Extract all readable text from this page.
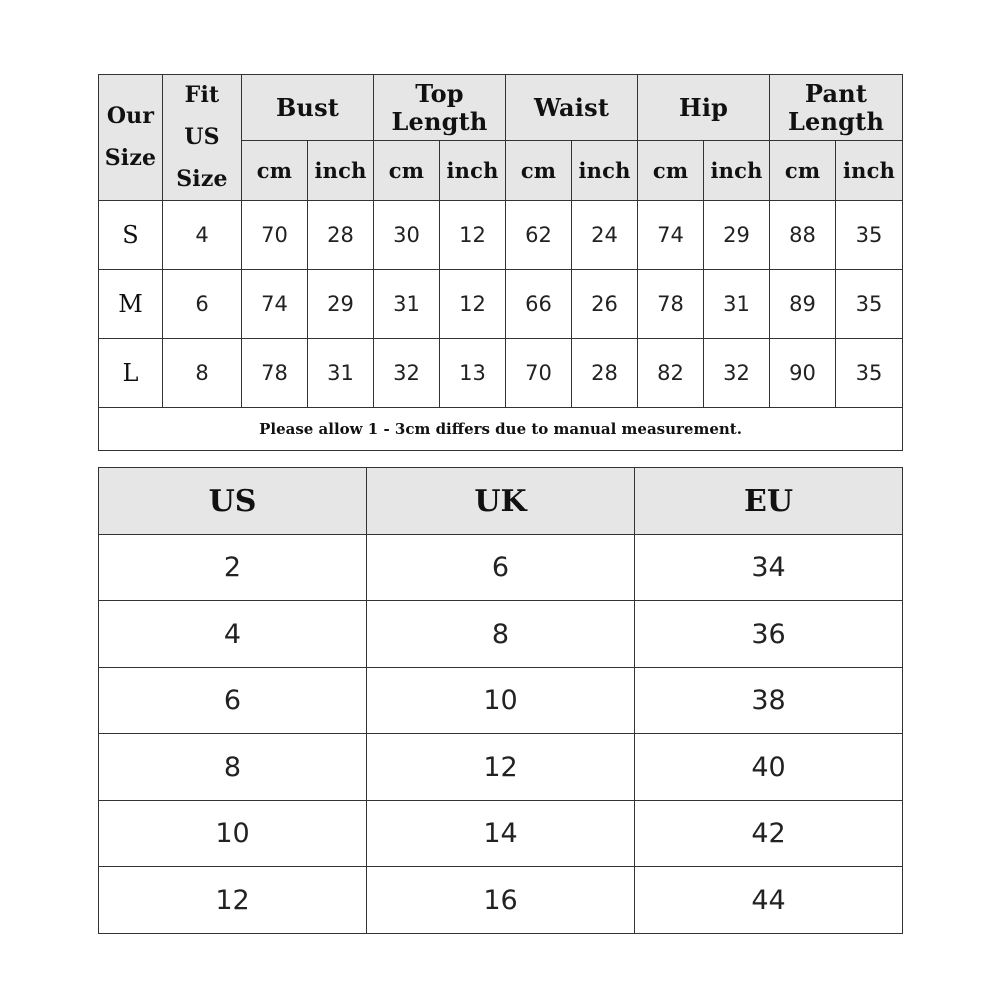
Our Size	Fit US Size	Bust		Top Length		Waist		Hip		Pant Length	
		cm	inch	cm	inch	cm	inch	cm	inch	cm	inch
S	4	70	28	30	12	62	24	74	29	88	35
M	6	74	29	31	12	66	26	78	31	89	35
L	8	78	31	32	13	70	28	82	32	90	35
Please allow 1 - 3cm differs due to manual measurement.											
US	UK	EU
2	6	34
4	8	36
6	10	38
8	12	40
10	14	42
12	16	44
